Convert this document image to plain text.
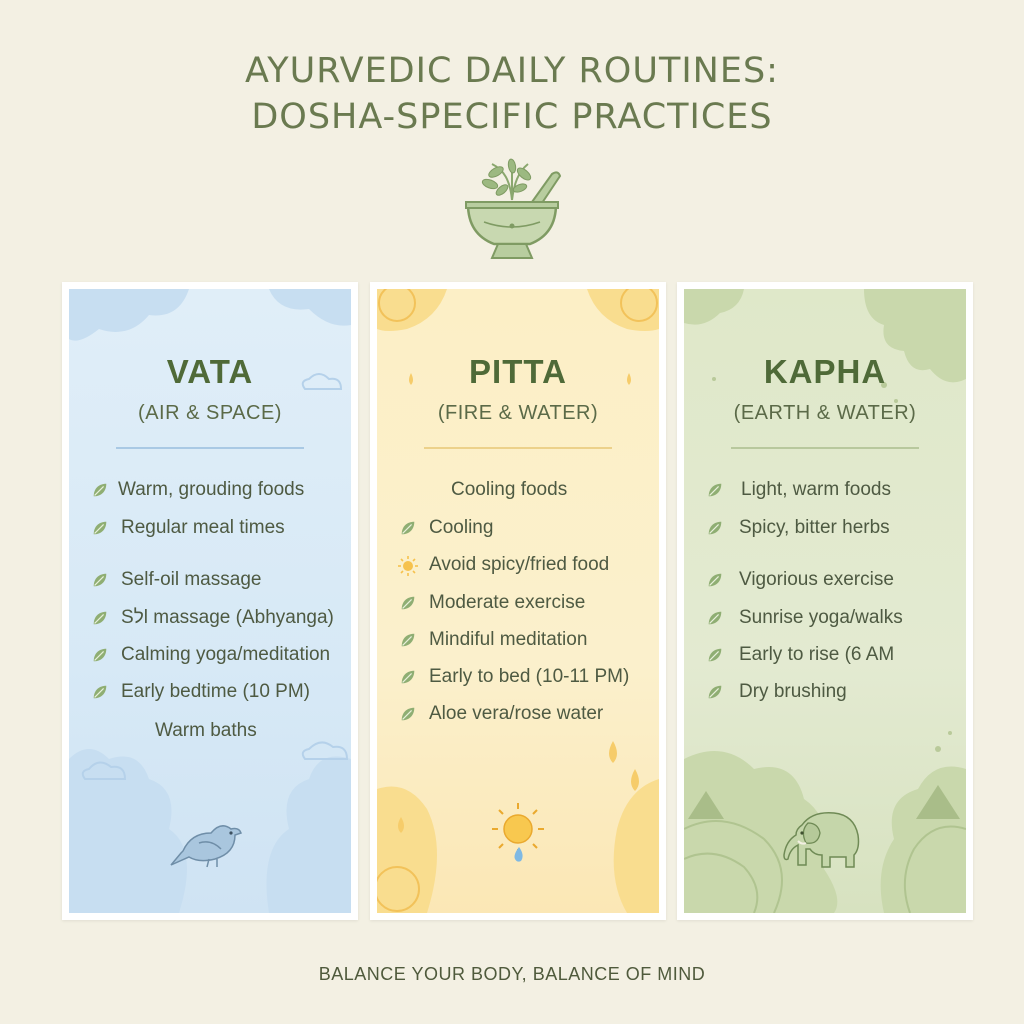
AYURVEDIC DAILY ROUTINES:
DOSHA-SPECIFIC PRACTICES
VATA
(AIR & SPACE)
Warm, grouding foods
Regular meal times
Self-oil massage
Sלl massage (Abhyanga)
Calming yoga/meditation
Early bedtime (10 PM)
Warm baths
PITTA
(FIRE & WATER)
Cooling foods
Cooling
Avoid spicy/fried food
Moderate exercise
Mindiful meditation
Early to bed (10-11 PM)
Aloe vera/rose water
KAPHA
(EARTH & WATER)
Light, warm foods
Spicy, bitter herbs
Vigorious exercise
Sunrise yoga/walks
Early to rise (6 AM
Dry brushing
BALANCE YOUR BODY, BALANCE OF MIND
